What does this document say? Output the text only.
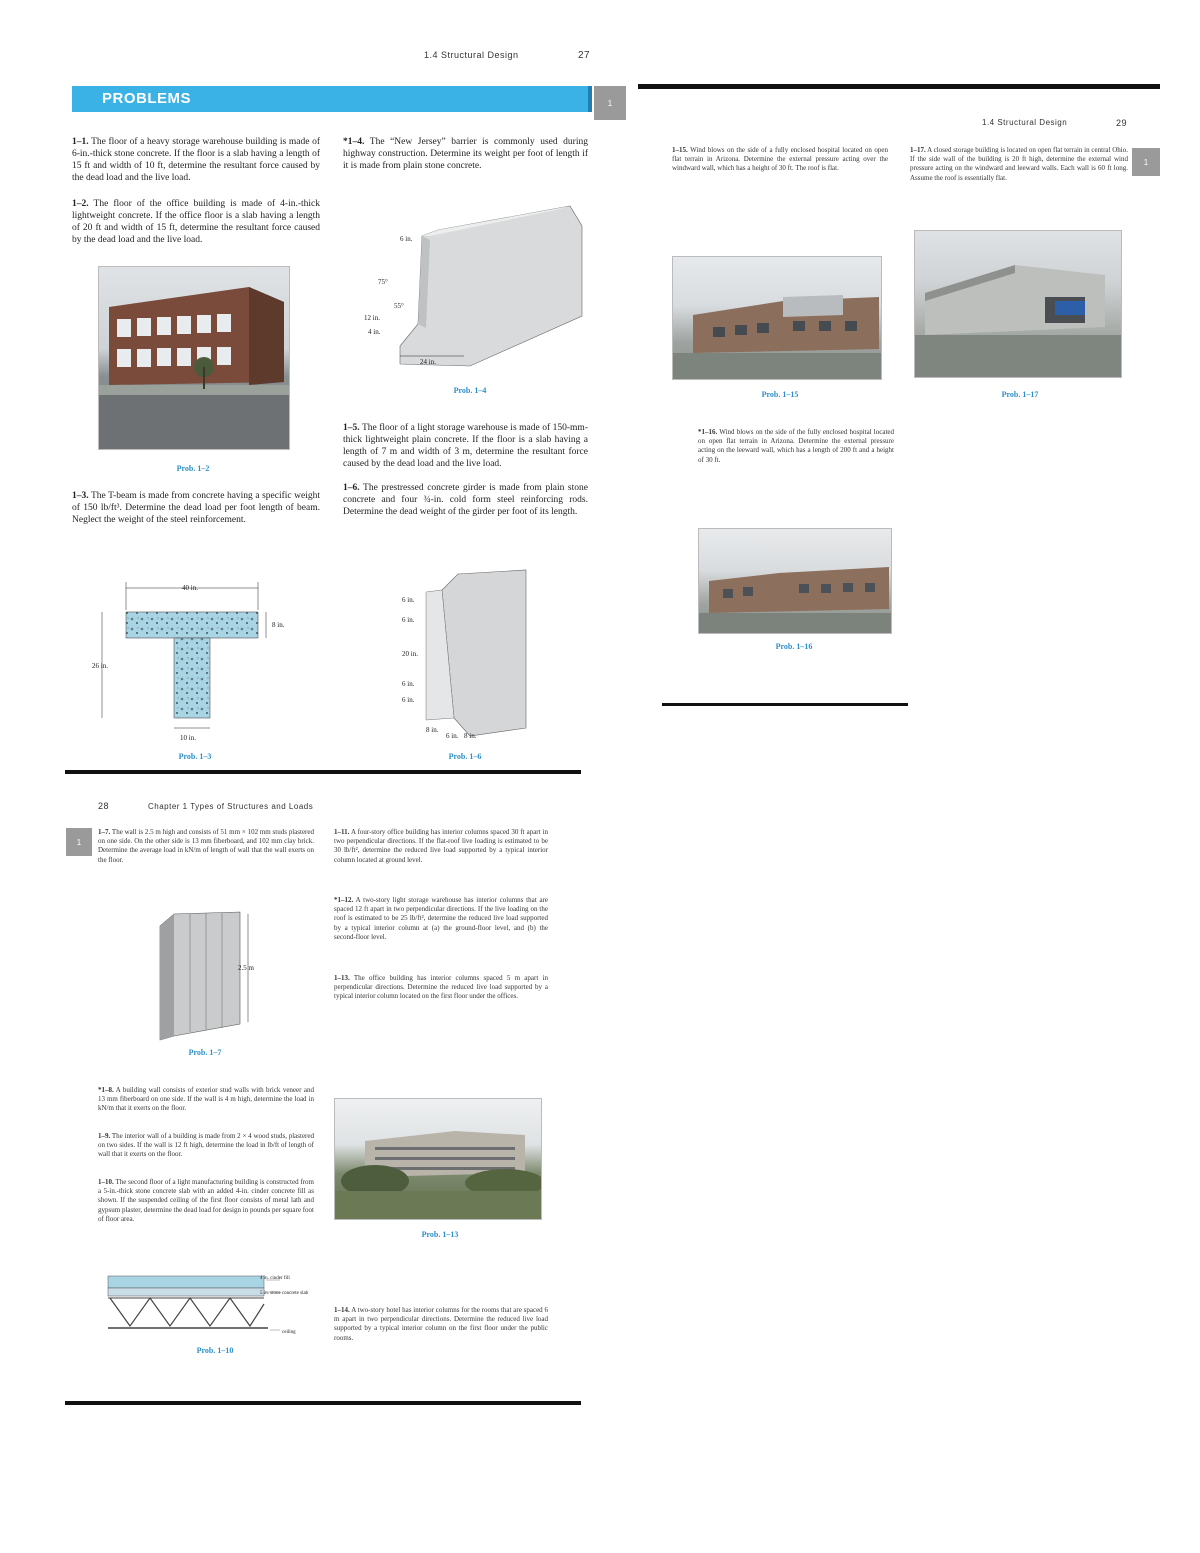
1.4 Structural Design	27
PROBLEMS	1
1–1. The floor of a heavy storage warehouse building is made of 6-in.-thick stone concrete. If the floor is a slab having a length of 15 ft and width of 10 ft, determine the resultant force caused by the dead load and the live load.
1–2. The floor of the office building is made of 4-in.-thick lightweight concrete. If the office floor is a slab having a length of 20 ft and width of 15 ft, determine the resultant force caused by the dead load and the live load.
Prob. 1–2
1–3. The T-beam is made from concrete having a specific weight of 150 lb/ft³. Determine the dead load per foot length of beam. Neglect the weight of the steel reinforcement.
40 in.
8 in.
26 in.
10 in.
Prob. 1–3
*1–4. The “New Jersey” barrier is commonly used during highway construction. Determine its weight per foot of length if it is made from plain stone concrete.
6 in.
75°
55°
12 in.
4 in.
24 in.
Prob. 1–4
1–5. The floor of a light storage warehouse is made of 150-mm-thick lightweight plain concrete. If the floor is a slab having a length of 7 m and width of 3 m, determine the resultant force caused by the dead load and the live load.
1–6. The prestressed concrete girder is made from plain stone concrete and four ¾-in. cold form steel reinforcing rods. Determine the dead weight of the girder per foot of its length.
6 in.
6 in.
20 in.
6 in.
6 in.
8 in.
6 in. 8 in.
Prob. 1–6
1.4 Structural Design	29
1
1–15. Wind blows on the side of a fully enclosed hospital located on open flat terrain in Arizona. Determine the external pressure acting over the windward wall, which has a height of 30 ft. The roof is flat.
1–17. A closed storage building is located on open flat terrain in central Ohio. If the side wall of the building is 20 ft high, determine the external wind pressure acting on the windward and leeward walls. Each wall is 60 ft long. Assume the roof is essentially flat.
Prob. 1–15	Prob. 1–17
*1–16. Wind blows on the side of the fully enclosed hospital located on open flat terrain in Arizona. Determine the external pressure acting on the leeward wall, which has a length of 200 ft and a height of 30 ft.
Prob. 1–16
28	Chapter 1 Types of Structures and Loads
1
1–7. The wall is 2.5 m high and consists of 51 mm × 102 mm studs plastered on one side. On the other side is 13 mm fiberboard, and 102 mm clay brick. Determine the average load in kN/m of length of wall that the wall exerts on the floor.
2.5 m
Prob. 1–7
*1–8. A building wall consists of exterior stud walls with brick veneer and 13 mm fiberboard on one side. If the wall is 4 m high, determine the load in kN/m that it exerts on the floor.
1–9. The interior wall of a building is made from 2 × 4 wood studs, plastered on two sides. If the wall is 12 ft high, determine the load in lb/ft of length of wall that it exerts on the floor.
1–10. The second floor of a light manufacturing building is constructed from a 5-in.-thick stone concrete slab with an added 4-in. cinder concrete fill as shown. If the suspended ceiling of the first floor consists of metal lath and gypsum plaster, determine the dead load for design in pounds per square foot of floor area.
4 in. cinder fill
5 in. stone concrete slab
ceiling
Prob. 1–10
1–11. A four-story office building has interior columns spaced 30 ft apart in two perpendicular directions. If the flat-roof live loading is estimated to be 30 lb/ft², determine the reduced live load supported by a typical interior column located at ground level.
*1–12. A two-story light storage warehouse has interior columns that are spaced 12 ft apart in two perpendicular directions. If the live loading on the roof is estimated to be 25 lb/ft², determine the reduced live load supported by a typical interior column at (a) the ground-floor level, and (b) the second-floor level.
1–13. The office building has interior columns spaced 5 m apart in perpendicular directions. Determine the reduced live load supported by a typical interior column located on the first floor under the offices.
Prob. 1–13
1–14. A two-story hotel has interior columns for the rooms that are spaced 6 m apart in two perpendicular directions. Determine the reduced live load supported by a typical interior column on the first floor under the public rooms.
